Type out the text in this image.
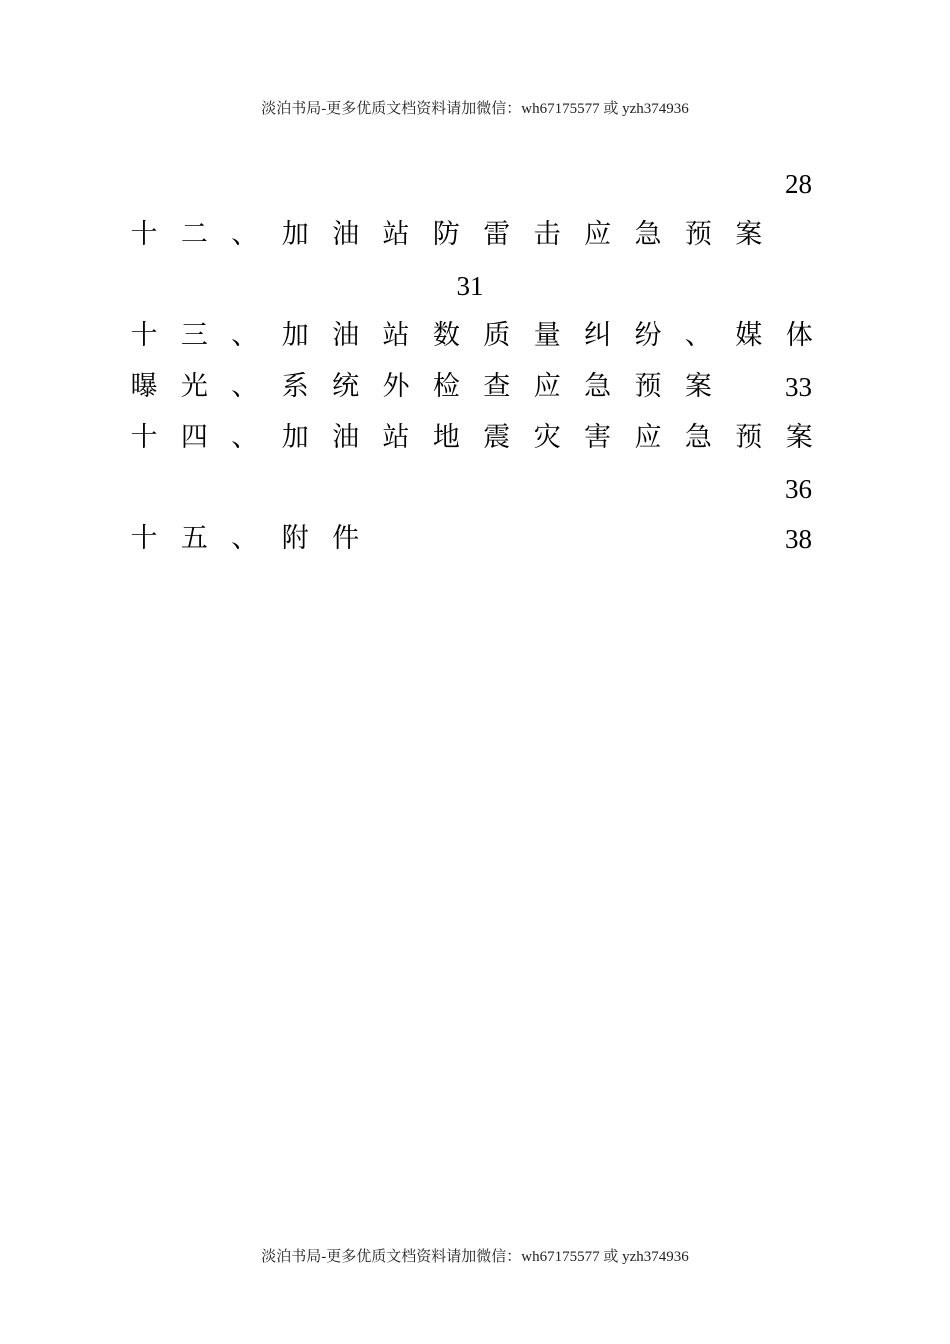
淡泊书局-更多优质文档资料请加微信：wh67175577 或 yzh374936
28
十 二 、 加 油 站 防 雷 击 应 急 预 案
31
十 三 、 加 油 站 数 质 量 纠 纷 、 媒 体
曝 光 、 系 统 外 检 查 应 急 预 案	33
十 四 、 加 油 站 地 震 灾 害 应 急 预 案
36
十 五 、 附 件	38
淡泊书局-更多优质文档资料请加微信：wh67175577 或 yzh374936
